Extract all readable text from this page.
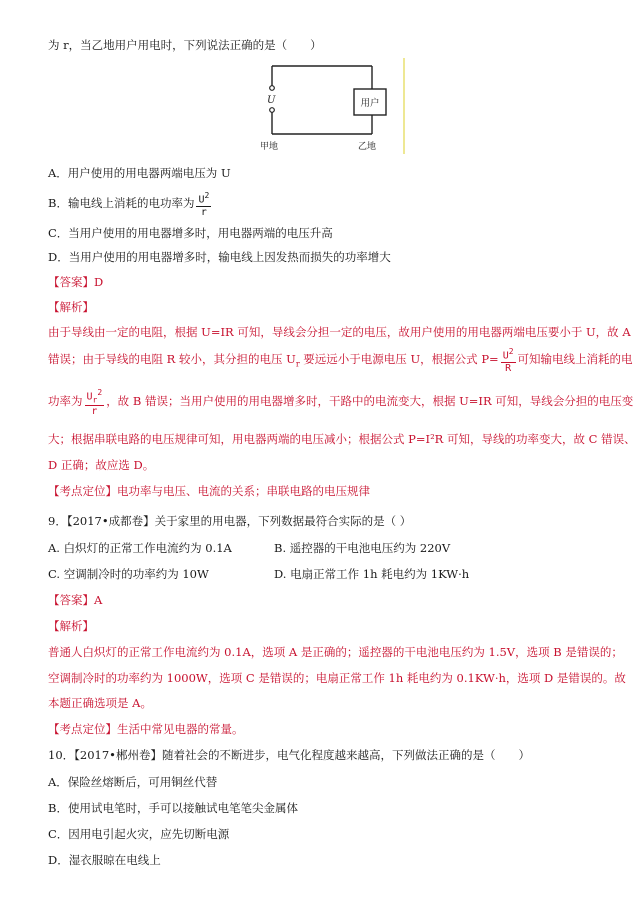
为 r，当乙地用户用电时，下列说法正确的是（　　）
U	用户
甲地	乙地
A．用户使用的用电器两端电压为 U
B．输电线上消耗的电功率为 $\frac{U^2}{r}$
C．当用户使用的用电器增多时，用电器两端的电压升高
D．当用户使用的用电器增多时，输电线上因发热而损失的功率增大
【答案】D
【解析】
由于导线由一定的电阻，根据 U=IR 可知，导线会分担一定的电压，故用户使用的用电器两端电压要小于 U，故 A
错误；由于导线的电阻 R 较小，其分担的电压 $U_r$ 要远远小于电源电压 U，根据公式 $P= \frac{U^2}{R}$ 可知输电线上消耗的电
功率为 $\frac{U_r^2}{r}$ ，故 B 错误；当用户使用的用电器增多时，干路中的电流变大，根据 U=IR 可知，导线会分担的电压变
大；根据串联电路的电压规律可知，用电器两端的电压减小；根据公式 P=I²R 可知，导线的功率变大，故 C 错误、
D 正确；故应选 D。
【考点定位】电功率与电压、电流的关系；串联电路的电压规律
9．【2017•成都卷】关于家里的用电器，下列数据最符合实际的是（ ）
A. 白炽灯的正常工作电流约为 0.1A	B. 遥控器的干电池电压约为 220V
C. 空调制冷时的功率约为 10W	D. 电扇正常工作 1h 耗电约为 1KW·h
【答案】A
【解析】
普通人白炽灯的正常工作电流约为 0.1A，选项 A 是正确的；遥控器的干电池电压约为 1.5V，选项 B 是错误的；
空调制冷时的功率约为 1000W，选项 C 是错误的；电扇正常工作 1h 耗电约为 0.1KW·h，选项 D 是错误的。故
本题正确选项是 A。
【考点定位】生活中常见电器的常量。
10．【2017•郴州卷】随着社会的不断进步，电气化程度越来越高，下列做法正确的是（　　）
A．保险丝熔断后，可用铜丝代替
B．使用试电笔时，手可以接触试电笔笔尖金属体
C．因用电引起火灾，应先切断电源
D．湿衣服晾在电线上
